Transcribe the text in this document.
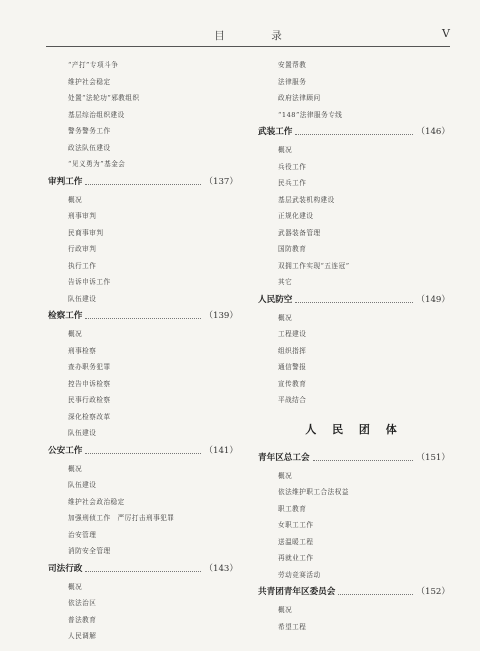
目　录	V
“产打”专项斗争
维护社会稳定
处置“法轮功”邪教组织
基层综治组织建设
警务警务工作
政法队伍建设
“见义勇为”基金会
审判工作	（137）
概况
刑事审判
民商事审判
行政审判
执行工作
告诉申诉工作
队伍建设
检察工作	（139）
概况
刑事检察
查办职务犯罪
控告申诉检察
民事行政检察
深化检察改革
队伍建设
公安工作	（141）
概况
队伍建设
维护社会政治稳定
加强刑侦工作　严厉打击刑事犯罪
治安管理
消防安全管理
司法行政	（143）
概况
依法治区
普法教育
人民调解
安置帮教
法律服务
政府法律顾问
“148”法律服务专线
武装工作	（146）
概况
兵役工作
民兵工作
基层武装机构建设
正规化建设
武器装备管理
国防教育
双拥工作实现“五连冠”
其它
人民防空	（149）
概况
工程建设
组织指挥
通信警报
宣传教育
平战结合
人 民 团 体
青年区总工会	（151）
概况
依法维护职工合法权益
职工教育
女职工工作
送温暖工程
再就业工作
劳动竞赛活动
共青团青年区委员会	（152）
概况
希望工程
